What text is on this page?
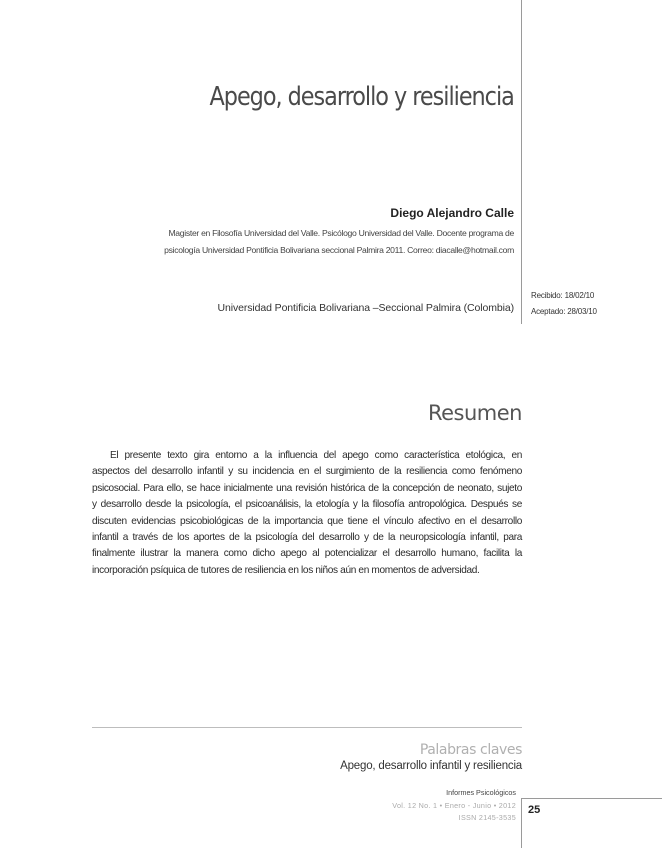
Apego, desarrollo y resiliencia
Diego Alejandro Calle

Magister en Filosofía Universidad del Valle. Psicólogo Universidad del Valle. Docente programa de

psicología Universidad Pontificia Bolivariana seccional Palmira 2011. Correo: diacalle@hotmail.com

Universidad Pontificia Bolivariana –Seccional Palmira (Colombia)
Recibido: 18/02/10
Aceptado: 28/03/10
Resumen
El presente texto gira entorno a la influencia del apego como característica etológica, en
aspectos del desarrollo infantil y su incidencia en el surgimiento de la resiliencia como fenómeno
psicosocial. Para ello, se hace inicialmente una revisión histórica de la concepción de neonato, sujeto
y desarrollo desde la psicología, el psicoanálisis, la etología y la filosofía antropológica. Después se
discuten evidencias psicobiológicas de la importancia que tiene el vínculo afectivo en el desarrollo
infantil a través de los aportes de la psicología del desarrollo y de la neuropsicología infantil, para
finalmente ilustrar la manera como dicho apego al potencializar el desarrollo humano, facilita la
incorporación psíquica de tutores de resiliencia en los niños aún en momentos de adversidad.
Palabras claves
Apego, desarrollo infantil y resiliencia
Informes Psicológicos
Vol. 12 No. 1 • Enero - Junio • 2012
ISSN 2145-3535
25
